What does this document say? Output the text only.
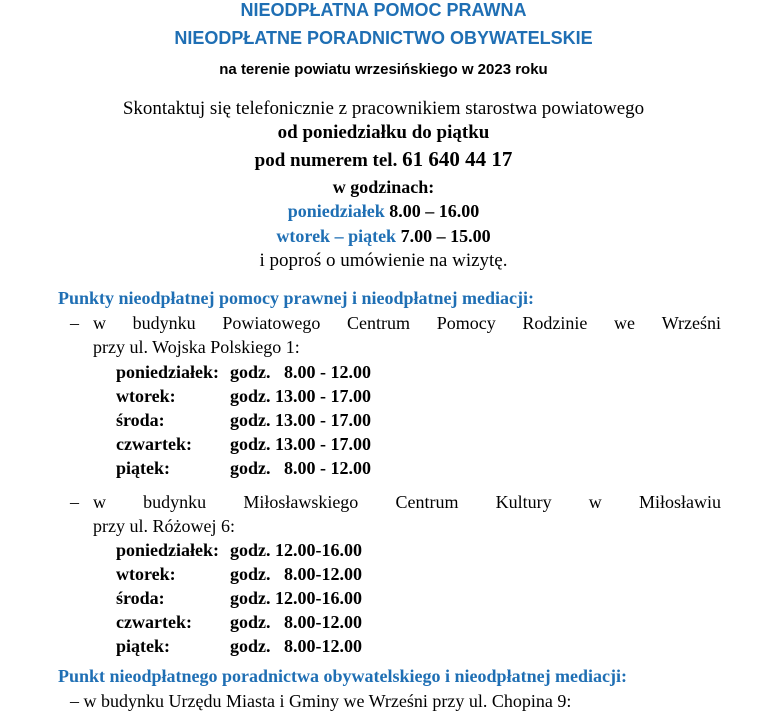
NIEODPŁATNA POMOC PRAWNA
NIEODPŁATNE PORADNICTWO OBYWATELSKIE
na terenie powiatu wrzesińskiego w 2023 roku
Skontaktuj się telefonicznie z pracownikiem starostwa powiatowego
od poniedziałku do piątku
pod numerem tel. 61 640 44 17
w godzinach:
poniedziałek 8.00 – 16.00
wtorek – piątek 7.00 – 15.00
i poproś o umówienie na wizytę.
Punkty nieodpłatnej pomocy prawnej i nieodpłatnej mediacji:
– w budynku Powiatowego Centrum Pomocy Rodzinie we Wrześni
przy ul. Wojska Polskiego 1:
poniedziałek: godz.   8.00 - 12.00
wtorek:	godz. 13.00 - 17.00
środa:	godz. 13.00 - 17.00
czwartek: godz. 13.00 - 17.00
piątek:	godz.   8.00 - 12.00
– w budynku Miłosławskiego Centrum Kultury w Miłosławiu
przy ul. Różowej 6:
poniedziałek: godz. 12.00-16.00
wtorek:	godz.   8.00-12.00
środa:	godz. 12.00-16.00
czwartek: godz.   8.00-12.00
piątek:	godz.   8.00-12.00
Punkt nieodpłatnego poradnictwa obywatelskiego i nieodpłatnej mediacji:
– w budynku Urzędu Miasta i Gminy we Wrześni przy ul. Chopina 9:
